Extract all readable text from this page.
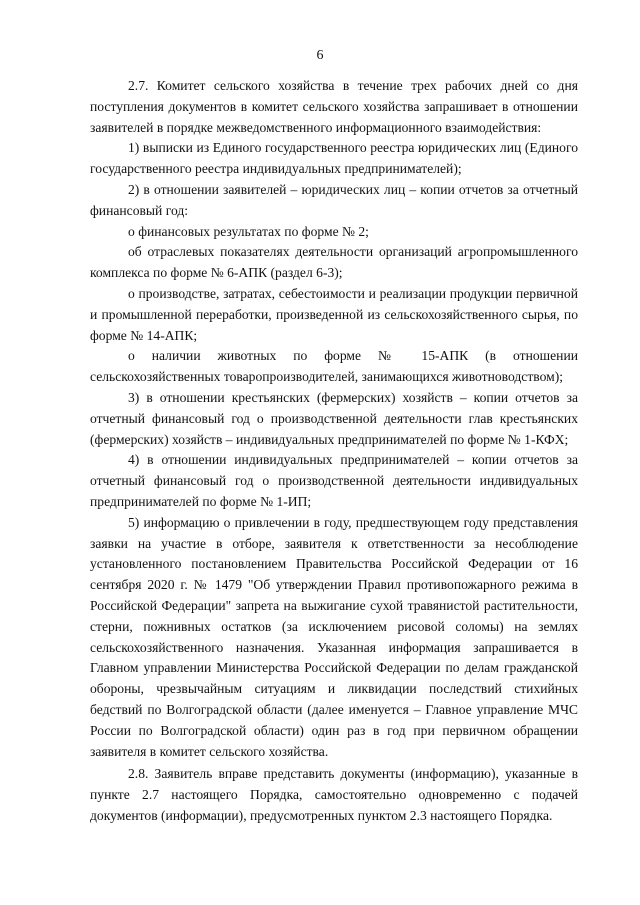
6

2.7. Комитет сельского хозяйства в течение трех рабочих дней со дня поступления документов в комитет сельского хозяйства запрашивает в отношении заявителей в порядке межведомственного информационного взаимодействия:

1) выписки из Единого государственного реестра юридических лиц (Единого государственного реестра индивидуальных предпринимателей);

2) в отношении заявителей – юридических лиц – копии отчетов за отчетный финансовый год:

о финансовых результатах по форме № 2;

об отраслевых показателях деятельности организаций агропромышленного комплекса по форме № 6-АПК (раздел 6-3);

о производстве, затратах, себестоимости и реализации продукции первичной и промышленной переработки, произведенной из сельскохозяйственного сырья, по форме № 14-АПК;

о наличии животных по форме № 15-АПК (в отношении сельскохозяйственных товаропроизводителей, занимающихся животноводством);

3) в отношении крестьянских (фермерских) хозяйств – копии отчетов за отчетный финансовый год о производственной деятельности глав крестьянских (фермерских) хозяйств – индивидуальных предпринимателей по форме № 1-КФХ;

4) в отношении индивидуальных предпринимателей – копии отчетов за отчетный финансовый год о производственной деятельности индивидуальных предпринимателей по форме № 1-ИП;

5) информацию о привлечении в году, предшествующем году представления заявки на участие в отборе, заявителя к ответственности за несоблюдение установленного постановлением Правительства Российской Федерации от 16 сентября 2020 г. № 1479 "Об утверждении Правил противопожарного режима в Российской Федерации" запрета на выжигание сухой травянистой растительности, стерни, пожнивных остатков (за исключением рисовой соломы) на землях сельскохозяйственного назначения. Указанная информация запрашивается в Главном управлении Министерства Российской Федерации по делам гражданской обороны, чрезвычайным ситуациям и ликвидации последствий стихийных бедствий по Волгоградской области (далее именуется – Главное управление МЧС России по Волгоградской области) один раз в год при первичном обращении заявителя в комитет сельского хозяйства.

2.8. Заявитель вправе представить документы (информацию), указанные в пункте 2.7 настоящего Порядка, самостоятельно одновременно с подачей документов (информации), предусмотренных пунктом 2.3 настоящего Порядка.
